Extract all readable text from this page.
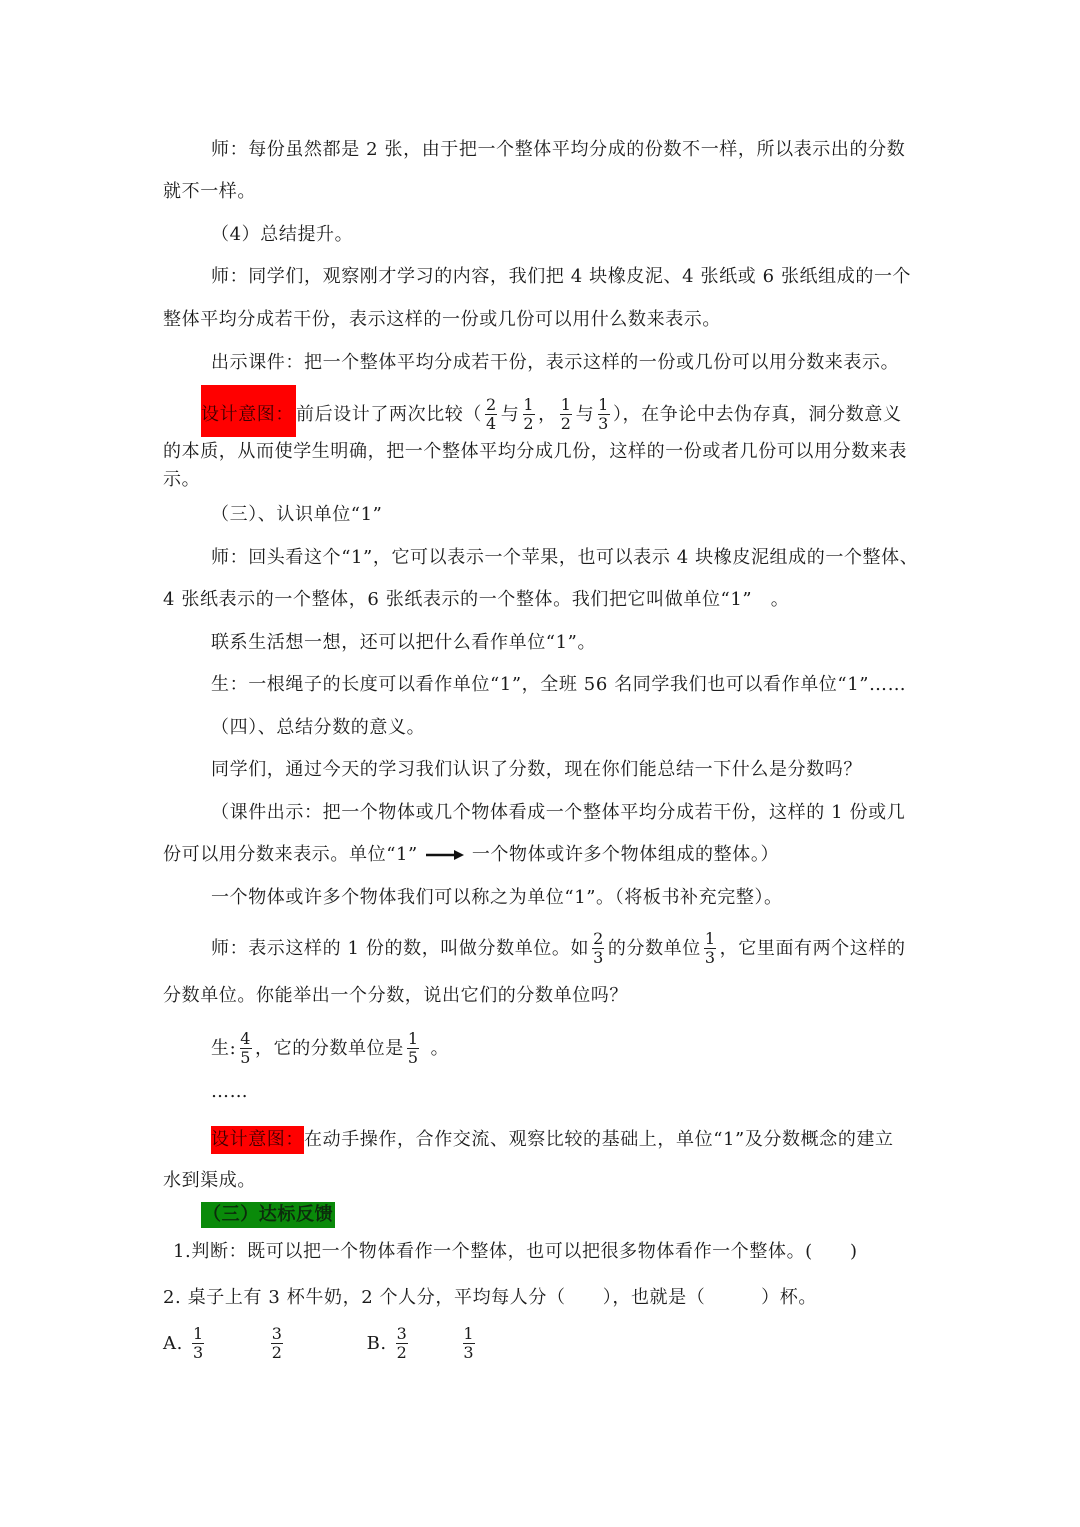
师：每份虽然都是 2 张，由于把一个整体平均分成的份数不一样，所以表示出的分数
就不一样。
（4）总结提升。
师：同学们，观察刚才学习的内容，我们把 4 块橡皮泥、4 张纸或 6 张纸组成的一个
整体平均分成若干份，表示这样的一份或几份可以用什么数来表示。
出示课件：把一个整体平均分成若干份，表示这样的一份或几份可以用分数来表示。
设计意图： 前后设计了两次比较（ $\frac{2}{4}$ 与 $\frac{1}{2}$ ， $\frac{1}{2}$ 与 $\frac{1}{3}$ ），在争论中去伪存真，洞分数意义
的本质，从而使学生明确，把一个整体平均分成几份，这样的一份或者几份可以用分数来表
示。
（三）、认识单位“1”
师：回头看这个“1”，它可以表示一个苹果，也可以表示 4 块橡皮泥组成的一个整体、
4 张纸表示的一个整体，6 张纸表示的一个整体。我们把它叫做单位“1”　。
联系生活想一想，还可以把什么看作单位“1”。
生：一根绳子的长度可以看作单位“1”，全班 56 名同学我们也可以看作单位“1”……
（四）、总结分数的意义。
同学们，通过今天的学习我们认识了分数，现在你们能总结一下什么是分数吗？
（课件出示：把一个物体或几个物体看成一个整体平均分成若干份，这样的 1 份或几
份可以用分数来表示。单位“1”	一个物体或许多个物体组成的整体。）
一个物体或许多个物体我们可以称之为单位“1”。（将板书补充完整）。
师：表示这样的 1 份的数，叫做分数单位。如 $\frac{2}{3}$ 的分数单位 $\frac{1}{3}$ ，它里面有两个这样的
分数单位。你能举出一个分数，说出它们的分数单位吗？
生: $\frac{4}{5}$ ，它的分数单位是 $\frac{1}{5}$ 。
……
设计意图：在动手操作，合作交流、观察比较的基础上，单位“1”及分数概念的建立
水到渠成。
（三）达标反馈
1.判断：既可以把一个物体看作一个整体，也可以把很多物体看作一个整体。(　　)
2. 桌子上有 3 杯牛奶，2 个人分，平均每人分（　　），也就是（　　　）杯。
A. $\frac{1}{3}$	$\frac{3}{2}$	B. $\frac{3}{2}$	$\frac{1}{3}$
